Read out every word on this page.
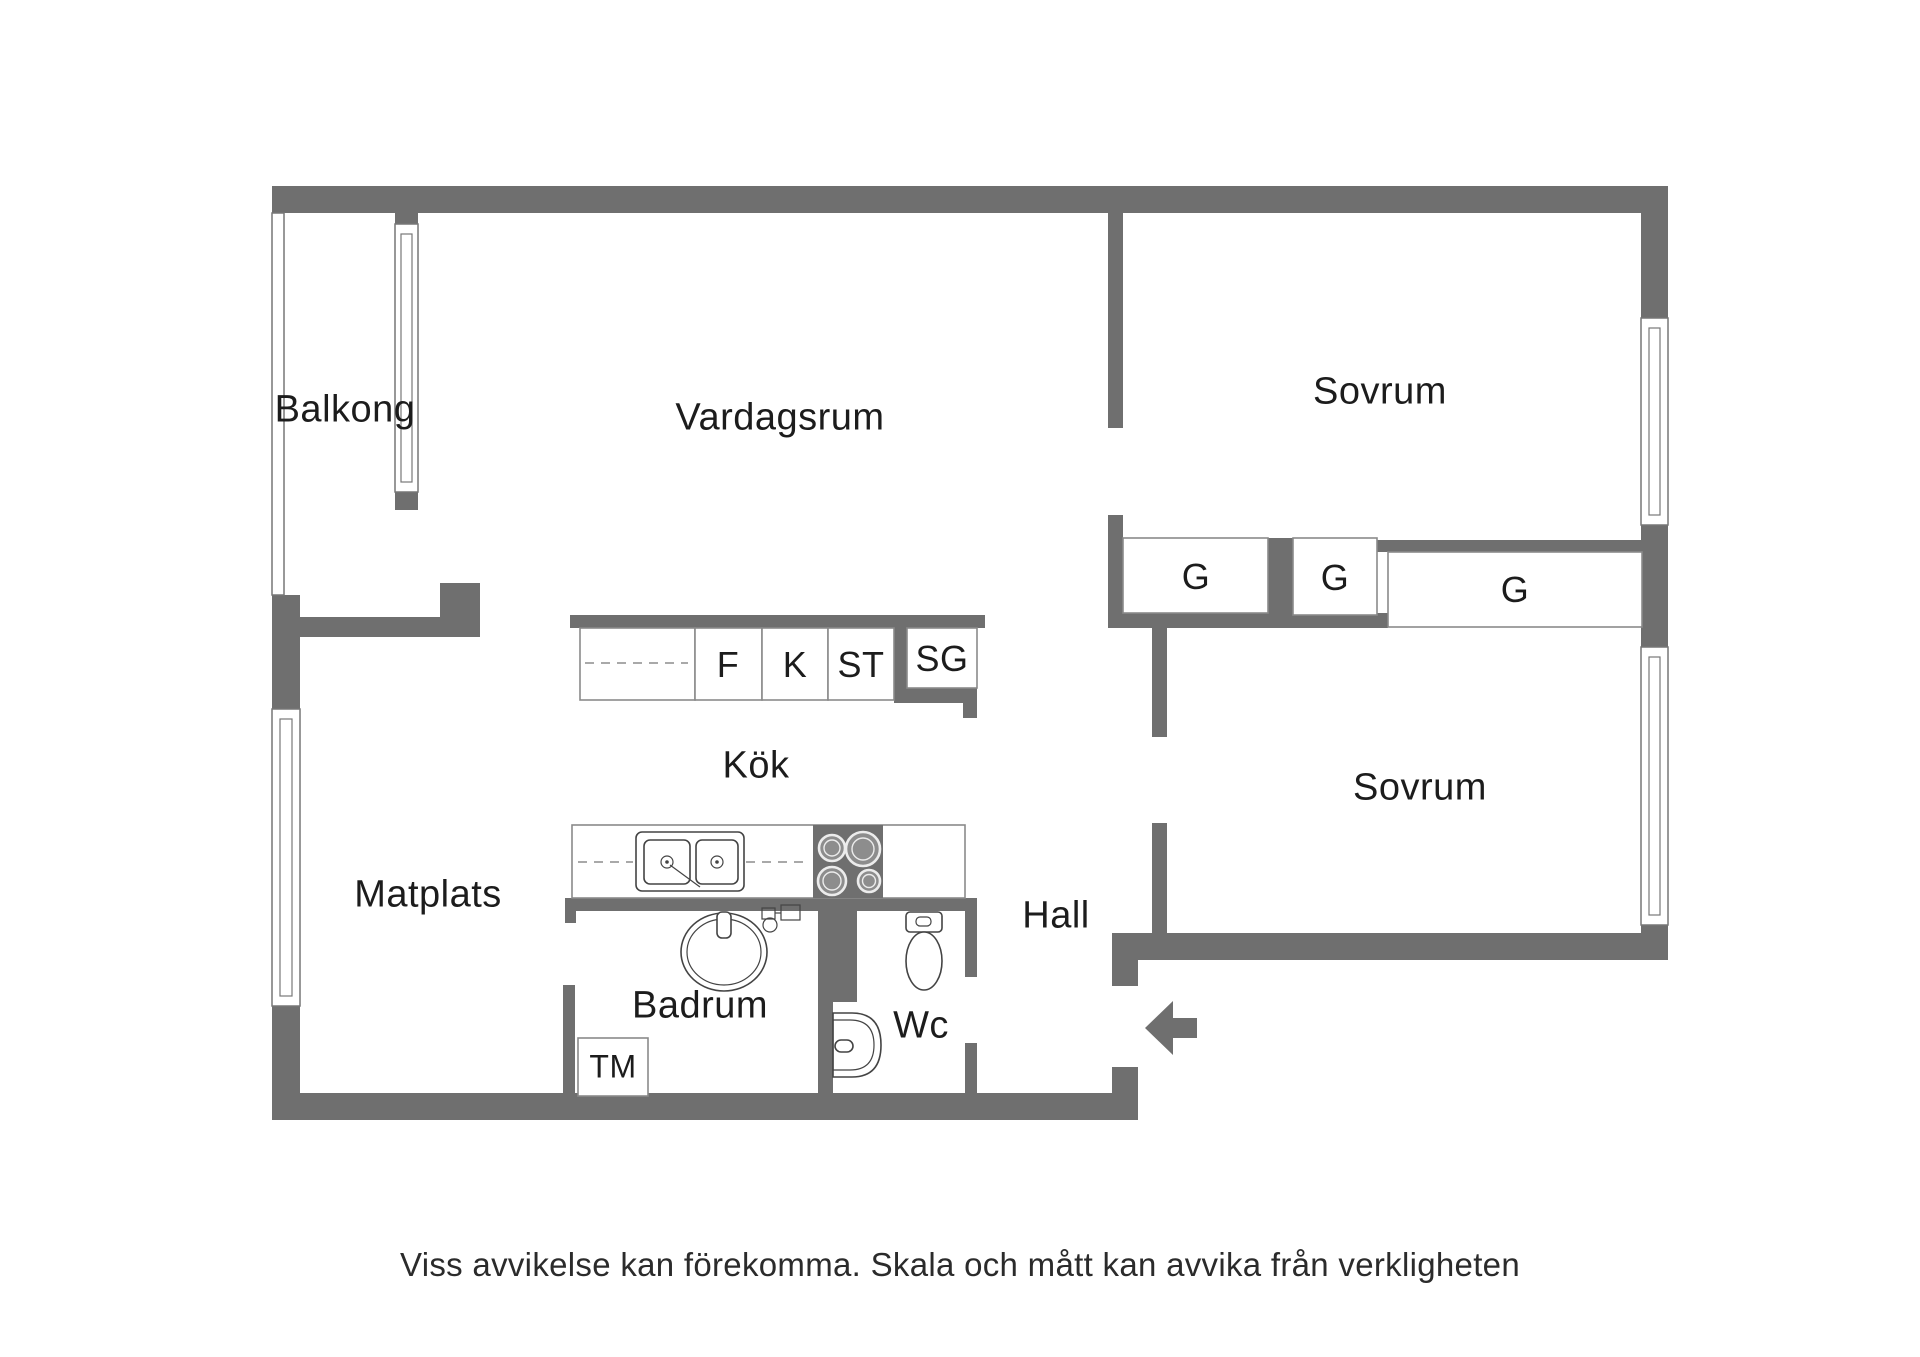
Balkong	Vardagsrum
Sovrum
Sovrum
Matplats
Kök
Hall
Badrum	Wc
G	G	G
TM
F K ST SG
Viss avvikelse kan förekomma. Skala och mått kan avvika från verkligheten
